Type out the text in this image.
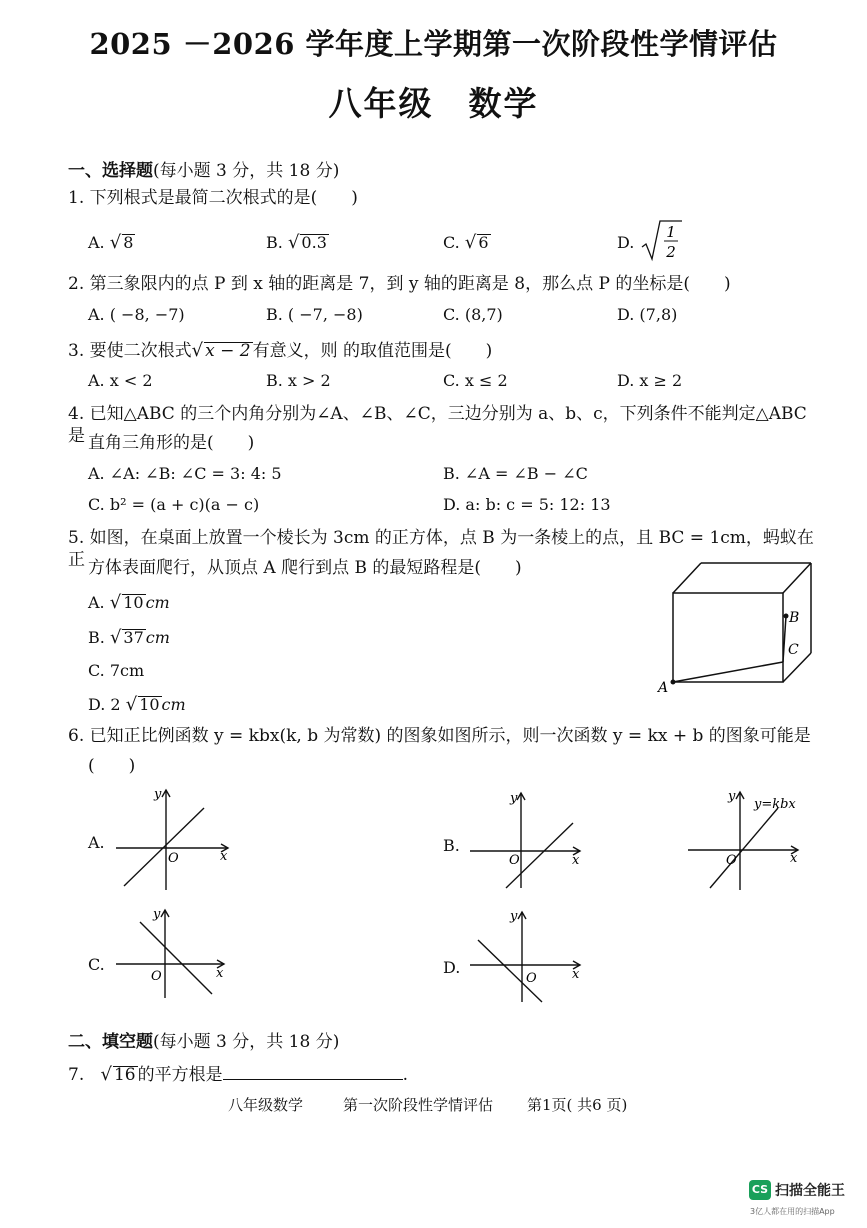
2025 －2026 学年度上学期第一次阶段性学情评估
八年级　数学
一、选择题(每小题 3 分，共 18 分)
1. 下列根式是最简二次根式的是(　　)
A. √ 8	B. √ 0.3	C. √ 6	D.
1
2
2. 第三象限内的点 P 到 x 轴的距离是 7，到 y 轴的距离是 8，那么点 P 的坐标是(　　)
A. ( −8, −7)	B. ( −7, −8)	C. (8,7)	D. (7,8)
3. 要使二次根式√ x − 2 有意义，则 的取值范围是(　　)
A. x < 2	B. x > 2	C. x ≤ 2	D. x ≥ 2
4. 已知△ABC 的三个内角分别为∠A、∠B、∠C，三边分别为 a、b、c，下列条件不能判定△ABC 是 直角三角形的是(　　)
A. ∠A: ∠B: ∠C = 3: 4: 5	B. ∠A = ∠B − ∠C
C. b² = (a + c)(a − c)	D. a: b: c = 5: 12: 13
5. 如图，在桌面上放置一个棱长为 3cm 的正方体，点 B 为一条棱上的点，且 BC = 1cm，蚂蚁在正 方体表面爬行，从顶点 A 爬行到点 B 的最短路程是(　　)
A. √ 10 cm
B. √ 37 cm
C. 7cm
D. 2 √ 10 cm
A
B
C
6. 已知正比例函数 y = kbx(k, b 为常数) 的图象如图所示，则一次函数 y = kx + b 的图象可能是
(　　)
A.
x
y
O
B.
x
y
O	x
y
O
y=kbx
C.	x
y
O	D.	x
y
O
二、填空题(每小题 3 分，共 18 分)
7. √ 16 的平方根是	.
八年级数学	第一次阶段性学情评估 第1页( 共6 页)
CS 扫描全能王
3亿人都在用的扫描App
